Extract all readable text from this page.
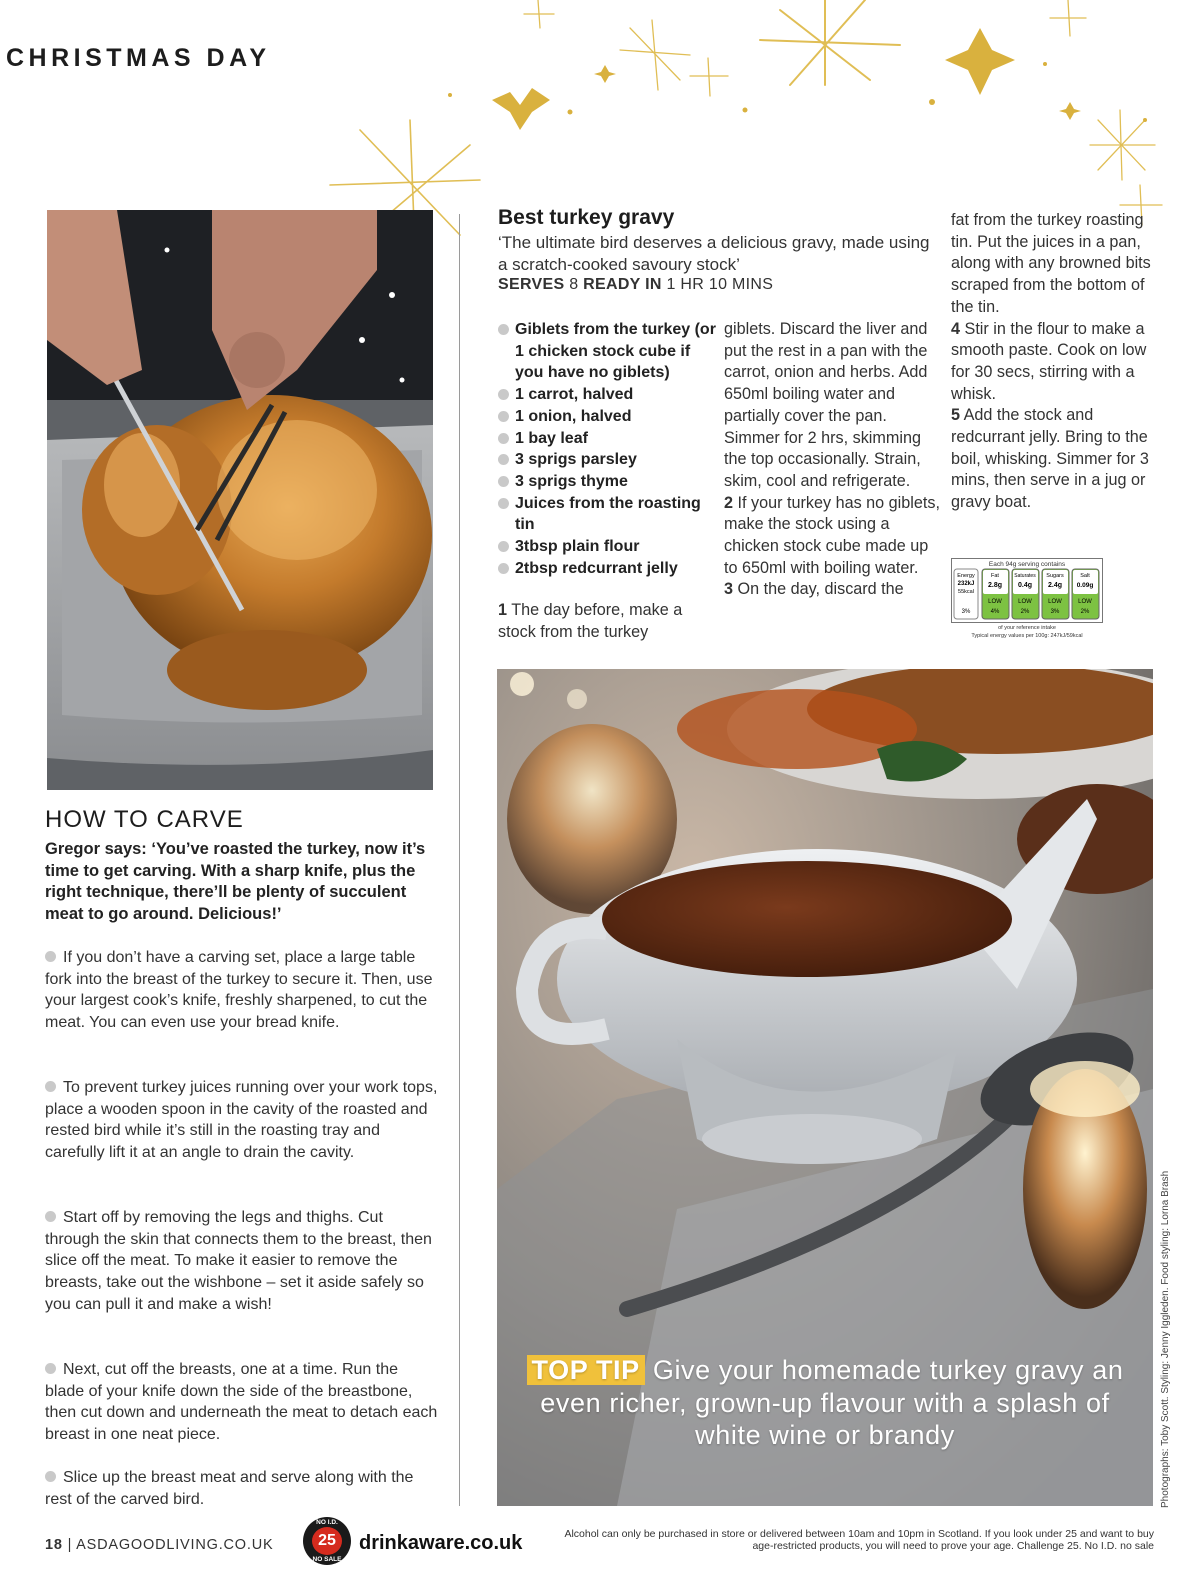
CHRISTMAS DAY
HOW TO CARVE
Gregor says: ‘You’ve roasted the turkey, now it’s time to get carving. With a sharp knife, plus the right technique, there’ll be plenty of succulent meat to go around. Delicious!’
If you don’t have a carving set, place a large table fork into the breast of the turkey to secure it. Then, use your largest cook’s knife, freshly sharpened, to cut the meat. You can even use your bread knife.
To prevent turkey juices running over your work tops, place a wooden spoon in the cavity of the roasted and rested bird while it’s still in the roasting tray and carefully lift it at an angle to drain the cavity.
Start off by removing the legs and thighs. Cut through the skin that connects them to the breast, then slice off the meat. To make it easier to remove the breasts, take out the wishbone – set it aside safely so you can pull it and make a wish!
Next, cut off the breasts, one at a time. Run the blade of your knife down the side of the breastbone, then cut down and underneath the meat to detach each breast in one neat piece.
Slice up the breast meat and serve along with the rest of the carved bird.
Best turkey gravy
‘The ultimate bird deserves a delicious gravy, made using a scratch-cooked savoury stock’
SERVES 8 READY IN 1 HR 10 MINS
Giblets from the turkey (or 1 chicken stock cube if you have no giblets)
1 carrot, halved
1 onion, halved
1 bay leaf
3 sprigs parsley
3 sprigs thyme
Juices from the roasting tin
3tbsp plain flour
2tbsp redcurrant jelly
1 The day before, make a stock from the turkey
giblets. Discard the liver and put the rest in a pan with the carrot, onion and herbs. Add 650ml boiling water and partially cover the pan. Simmer for 2 hrs, skimming the top occasionally. Strain, skim, cool and refrigerate.
2 If your turkey has no giblets, make the stock using a chicken stock cube made up to 650ml with boiling water.
3 On the day, discard the
fat from the turkey roasting tin. Put the juices in a pan, along with any browned bits scraped from the bottom of the tin.
4 Stir in the flour to make a smooth paste. Cook on low for 30 secs, stirring with a whisk.
5 Add the stock and redcurrant jelly. Bring to the boil, whisking. Simmer for 3 mins, then serve in a jug or gravy boat.
Each 94g serving contains
Energy
232kJ
55kcal
3%
Fat
2.8g
LOW
4%
Saturates
0.4g
LOW
2%
Sugars
2.4g
LOW
3%
Salt
0.09g
LOW
2%
of your reference intake
Typical energy values per 100g: 247kJ/59kcal
TOP TIP Give your homemade turkey gravy an even richer, grown-up flavour with a splash of white wine or brandy	Photographs: Toby Scott. Styling: Jenny Iggleden. Food styling: Lorna Brash
18 | ASDAGOODLIVING.CO.UK
NO I.D.
25
NO SALE
drinkaware.co.uk	Alcohol can only be purchased in store or delivered between 10am and 10pm in Scotland. If you look under 25 and want to buy age-restricted products, you will need to prove your age. Challenge 25. No I.D. no sale
